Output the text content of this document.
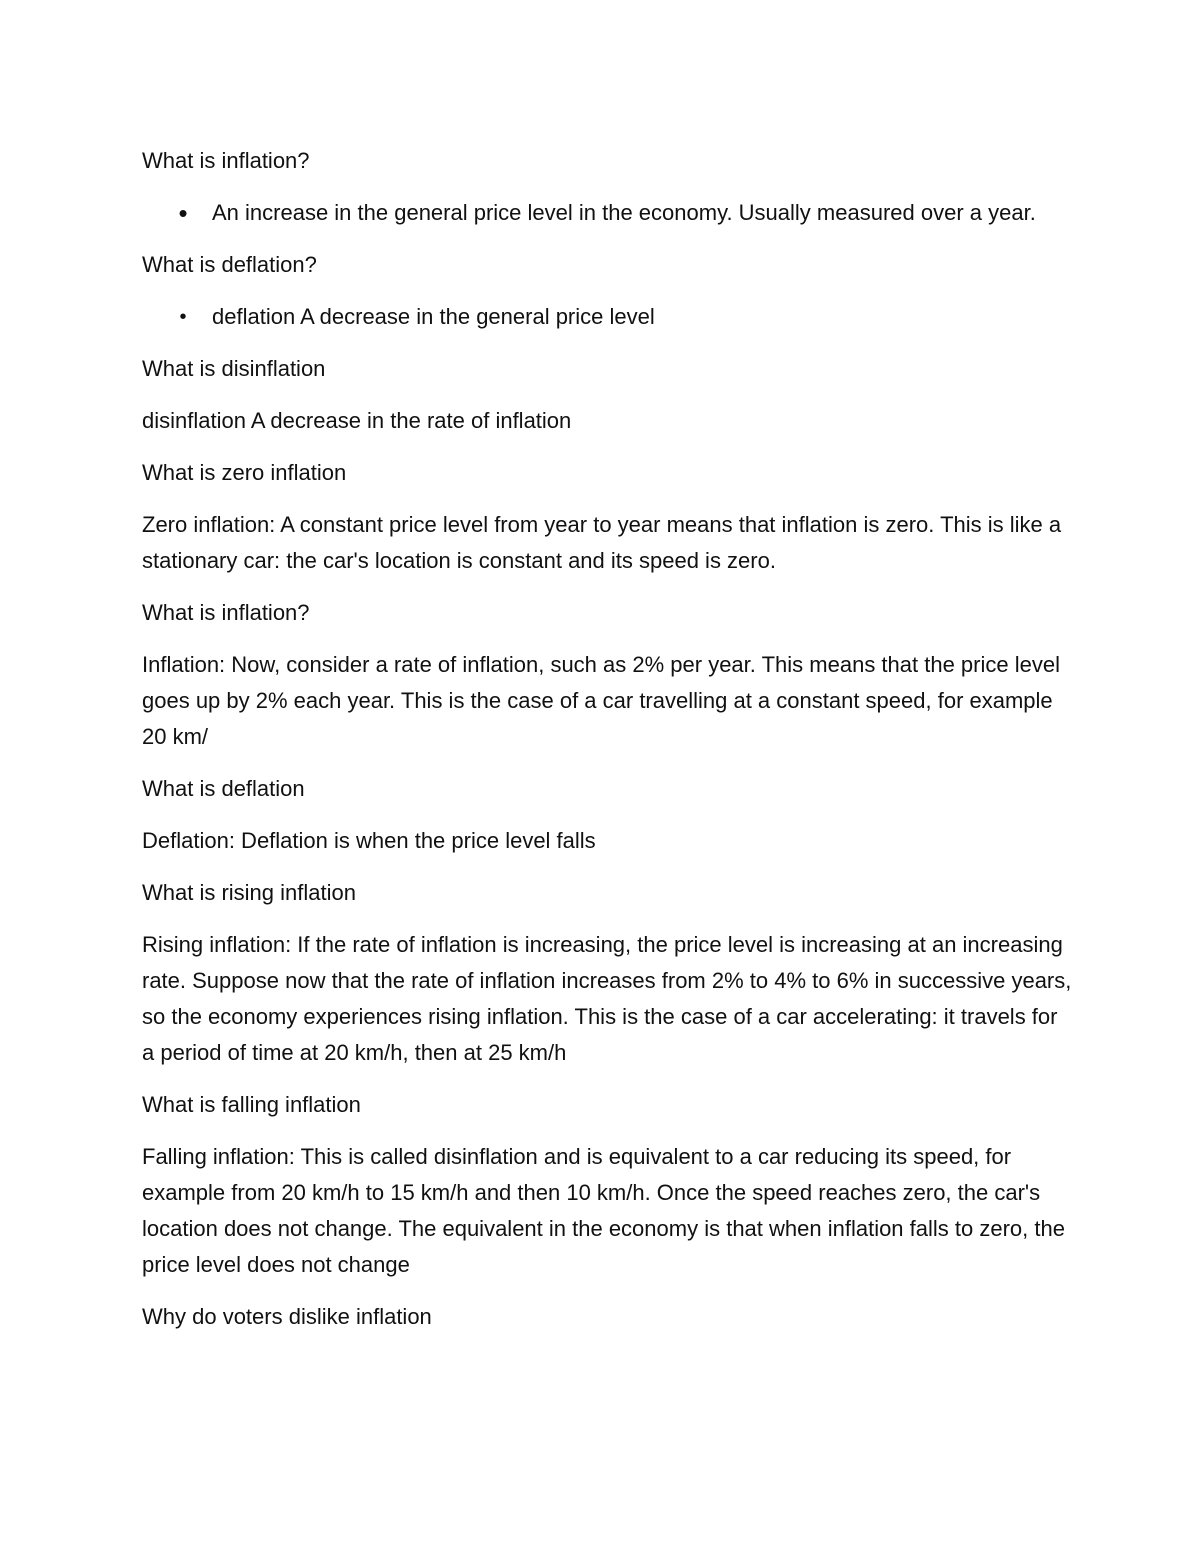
What is inflation?

• An increase in the general price level in the economy. Usually measured over a year.

What is deflation?

• deflation A decrease in the general price level

What is disinflation

disinflation A decrease in the rate of inflation

What is zero inflation

Zero inflation: A constant price level from year to year means that inflation is zero. This is like a stationary car: the car's location is constant and its speed is zero.

What is inflation?

Inflation: Now, consider a rate of inflation, such as 2% per year. This means that the price level goes up by 2% each year. This is the case of a car travelling at a constant speed, for example 20 km/

What is deflation

Deflation: Deflation is when the price level falls

What is rising inflation

Rising inflation: If the rate of inflation is increasing, the price level is increasing at an increasing rate. Suppose now that the rate of inflation increases from 2% to 4% to 6% in successive years, so the economy experiences rising inflation. This is the case of a car accelerating: it travels for a period of time at 20 km/h, then at 25 km/h

What is falling inflation

Falling inflation: This is called disinflation and is equivalent to a car reducing its speed, for example from 20 km/h to 15 km/h and then 10 km/h. Once the speed reaches zero, the car's location does not change. The equivalent in the economy is that when inflation falls to zero, the price level does not change

Why do voters dislike inflation
